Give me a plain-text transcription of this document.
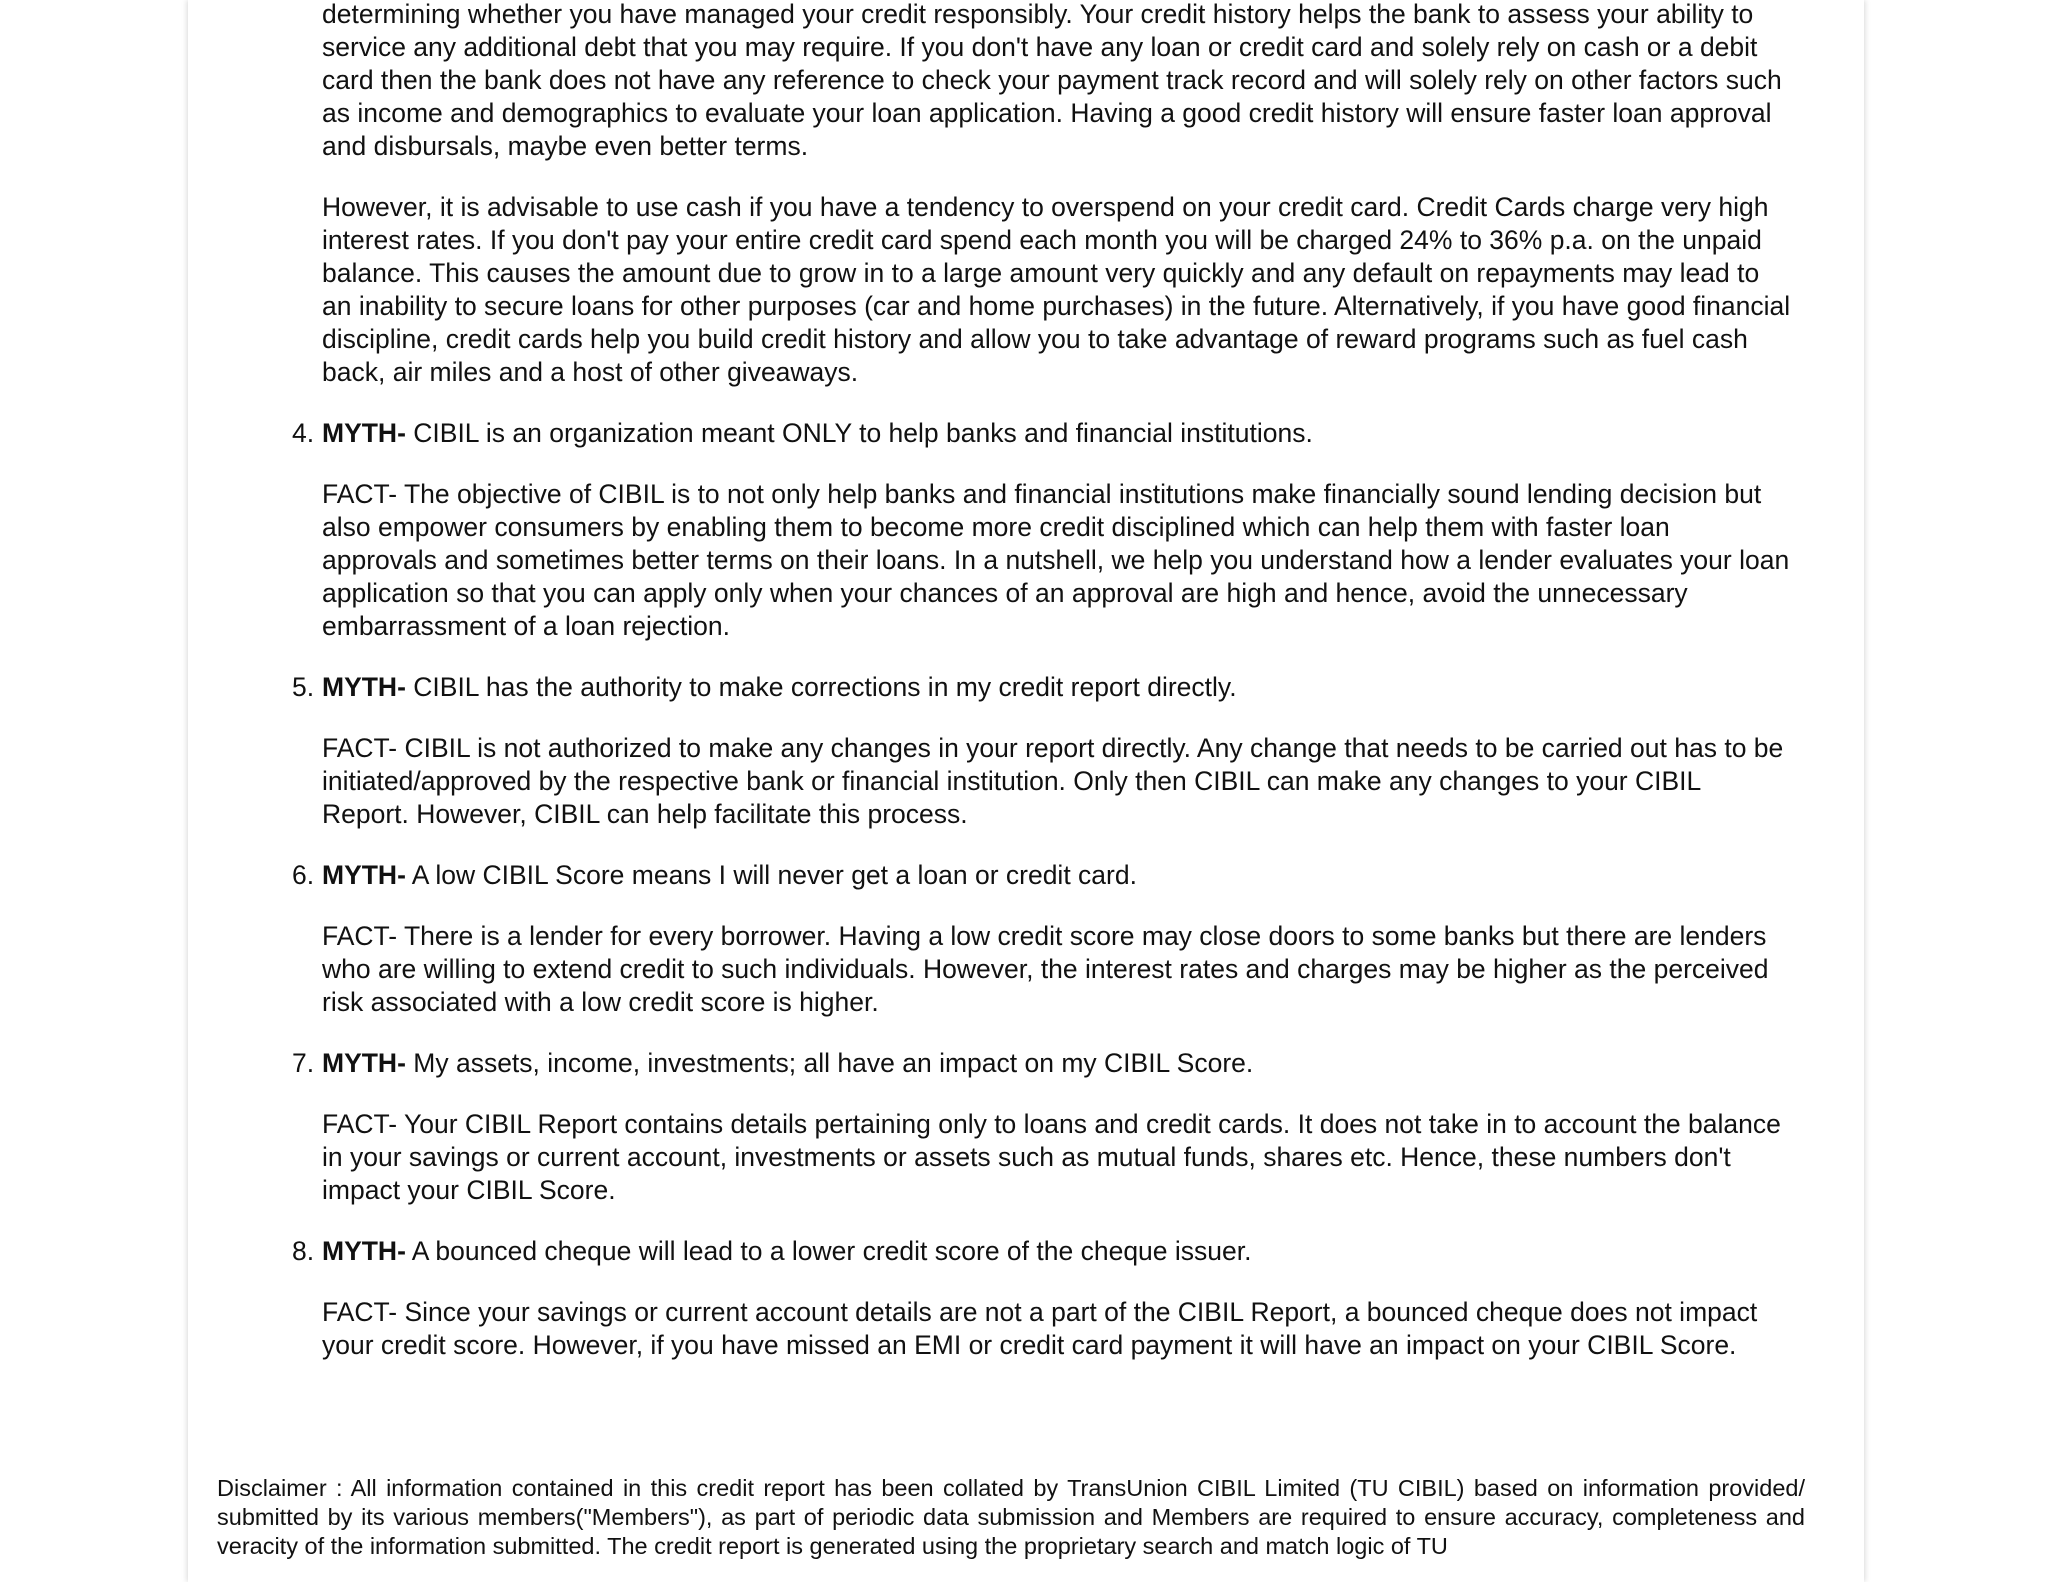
determining whether you have managed your credit responsibly. Your credit history helps the bank to assess your ability to service any additional debt that you may require. If you don't have any loan or credit card and solely rely on cash or a debit card then the bank does not have any reference to check your payment track record and will solely rely on other factors such as income and demographics to evaluate your loan application. Having a good credit history will ensure faster loan approval and disbursals, maybe even better terms.

However, it is advisable to use cash if you have a tendency to overspend on your credit card. Credit Cards charge very high interest rates. If you don't pay your entire credit card spend each month you will be charged 24% to 36% p.a. on the unpaid balance. This causes the amount due to grow in to a large amount very quickly and any default on repayments may lead to an inability to secure loans for other purposes (car and home purchases) in the future. Alternatively, if you have good financial discipline, credit cards help you build credit history and allow you to take advantage of reward programs such as fuel cash back, air miles and a host of other giveaways.

4. MYTH- CIBIL is an organization meant ONLY to help banks and financial institutions.

FACT- The objective of CIBIL is to not only help banks and financial institutions make financially sound lending decision but also empower consumers by enabling them to become more credit disciplined which can help them with faster loan approvals and sometimes better terms on their loans. In a nutshell, we help you understand how a lender evaluates your loan application so that you can apply only when your chances of an approval are high and hence, avoid the unnecessary embarrassment of a loan rejection.

5. MYTH- CIBIL has the authority to make corrections in my credit report directly.

FACT- CIBIL is not authorized to make any changes in your report directly. Any change that needs to be carried out has to be initiated/approved by the respective bank or financial institution. Only then CIBIL can make any changes to your CIBIL Report. However, CIBIL can help facilitate this process.

6. MYTH- A low CIBIL Score means I will never get a loan or credit card.

FACT- There is a lender for every borrower. Having a low credit score may close doors to some banks but there are lenders who are willing to extend credit to such individuals. However, the interest rates and charges may be higher as the perceived risk associated with a low credit score is higher.

7. MYTH- My assets, income, investments; all have an impact on my CIBIL Score.

FACT- Your CIBIL Report contains details pertaining only to loans and credit cards. It does not take in to account the balance in your savings or current account, investments or assets such as mutual funds, shares etc. Hence, these numbers don't impact your CIBIL Score.

8. MYTH- A bounced cheque will lead to a lower credit score of the cheque issuer.

FACT- Since your savings or current account details are not a part of the CIBIL Report, a bounced cheque does not impact your credit score. However, if you have missed an EMI or credit card payment it will have an impact on your CIBIL Score.

Disclaimer : All information contained in this credit report has been collated by TransUnion CIBIL Limited (TU CIBIL) based on information provided/ submitted by its various members("Members"), as part of periodic data submission and Members are required to ensure accuracy, completeness and veracity of the information submitted. The credit report is generated using the proprietary search and match logic of TU
